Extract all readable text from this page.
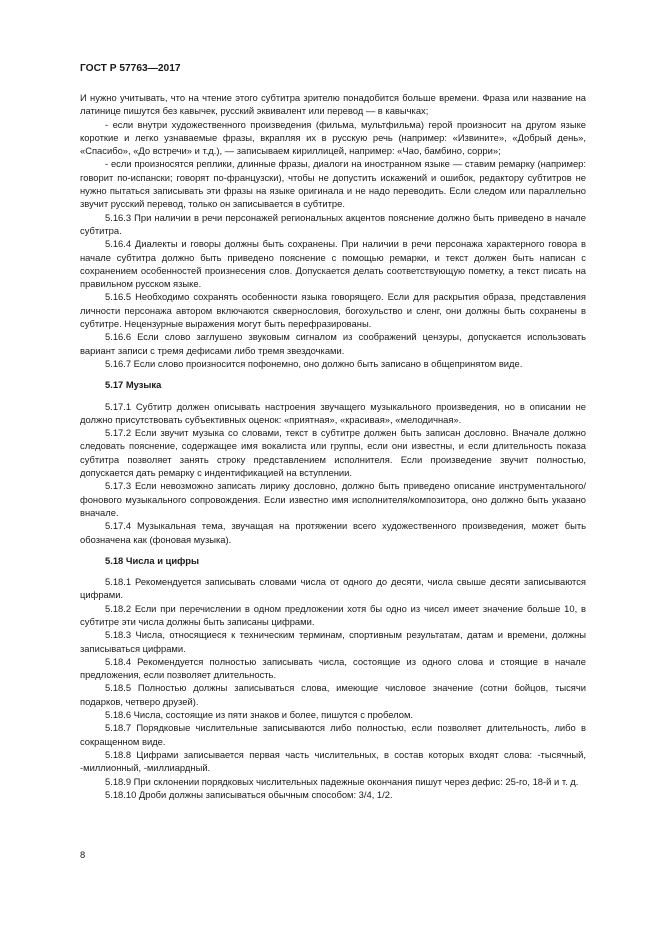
ГОСТ Р 57763—2017

И нужно учитывать, что на чтение этого субтитра зрителю понадобится больше времени. Фраза или название на латинице пишутся без кавычек, русский эквивалент или перевод — в кавычках;

- если внутри художественного произведения (фильма, мультфильма) герой произносит на другом языке короткие и легко узнаваемые фразы, вкрапляя их в русскую речь (например: «Извините», «Добрый день», «Спасибо», «До встречи» и т.д.), — записываем кириллицей, например: «Чао, бамбино, сорри»;

- если произносятся реплики, длинные фразы, диалоги на иностранном языке — ставим ремарку (например: говорит по-испански; говорят по-французски), чтобы не допустить искажений и ошибок, редактору субтитров не нужно пытаться записывать эти фразы на языке оригинала и не надо переводить. Если следом или параллельно звучит русский перевод, только он записывается в субтитре.

5.16.3 При наличии в речи персонажей региональных акцентов пояснение должно быть приведено в начале субтитра.

5.16.4 Диалекты и говоры должны быть сохранены. При наличии в речи персонажа характерного говора в начале субтитра должно быть приведено пояснение с помощью ремарки, и текст должен быть написан с сохранением особенностей произнесения слов. Допускается делать соответствующую пометку, а текст писать на правильном русском языке.

5.16.5 Необходимо сохранять особенности языка говорящего. Если для раскрытия образа, представления личности персонажа автором включаются сквернословия, богохульство и сленг, они должны быть сохранены в субтитре. Нецензурные выражения могут быть перефразированы.

5.16.6 Если слово заглушено звуковым сигналом из соображений цензуры, допускается использовать вариант записи с тремя дефисами либо тремя звездочками.

5.16.7 Если слово произносится пофонемно, оно должно быть записано в общепринятом виде.

5.17 Музыка

5.17.1 Субтитр должен описывать настроения звучащего музыкального произведения, но в описании не должно присутствовать субъективных оценок: «приятная», «красивая», «мелодичная».

5.17.2 Если звучит музыка со словами, текст в субтитре должен быть записан дословно. Вначале должно следовать пояснение, содержащее имя вокалиста или группы, если они известны, и если длительность показа субтитра позволяет занять строку представлением исполнителя. Если произведение звучит полностью, допускается дать ремарку с индентификацией на вступлении.

5.17.3 Если невозможно записать лирику дословно, должно быть приведено описание инструментального/фонового музыкального сопровождения. Если известно имя исполнителя/композитора, оно должно быть указано вначале.

5.17.4 Музыкальная тема, звучащая на протяжении всего художественного произведения, может быть обозначена как (фоновая музыка).

5.18 Числа и цифры

5.18.1 Рекомендуется записывать словами числа от одного до десяти, числа свыше десяти записываются цифрами.

5.18.2 Если при перечислении в одном предложении хотя бы одно из чисел имеет значение больше 10, в субтитре эти числа должны быть записаны цифрами.

5.18.3 Числа, относящиеся к техническим терминам, спортивным результатам, датам и времени, должны записываться цифрами.

5.18.4 Рекомендуется полностью записывать числа, состоящие из одного слова и стоящие в начале предложения, если позволяет длительность.

5.18.5 Полностью должны записываться слова, имеющие числовое значение (сотни бойцов, тысячи подарков, четверо друзей).

5.18.6 Числа, состоящие из пяти знаков и более, пишутся с пробелом.

5.18.7 Порядковые числительные записываются либо полностью, если позволяет длительность, либо в сокращенном виде.

5.18.8 Цифрами записывается первая часть числительных, в состав которых входят слова: -тысячный, -миллионный, -миллиардный.

5.18.9 При склонении порядковых числительных падежные окончания пишут через дефис: 25-го, 18-й и т. д.

5.18.10 Дроби должны записываться обычным способом: 3/4, 1/2.

8
